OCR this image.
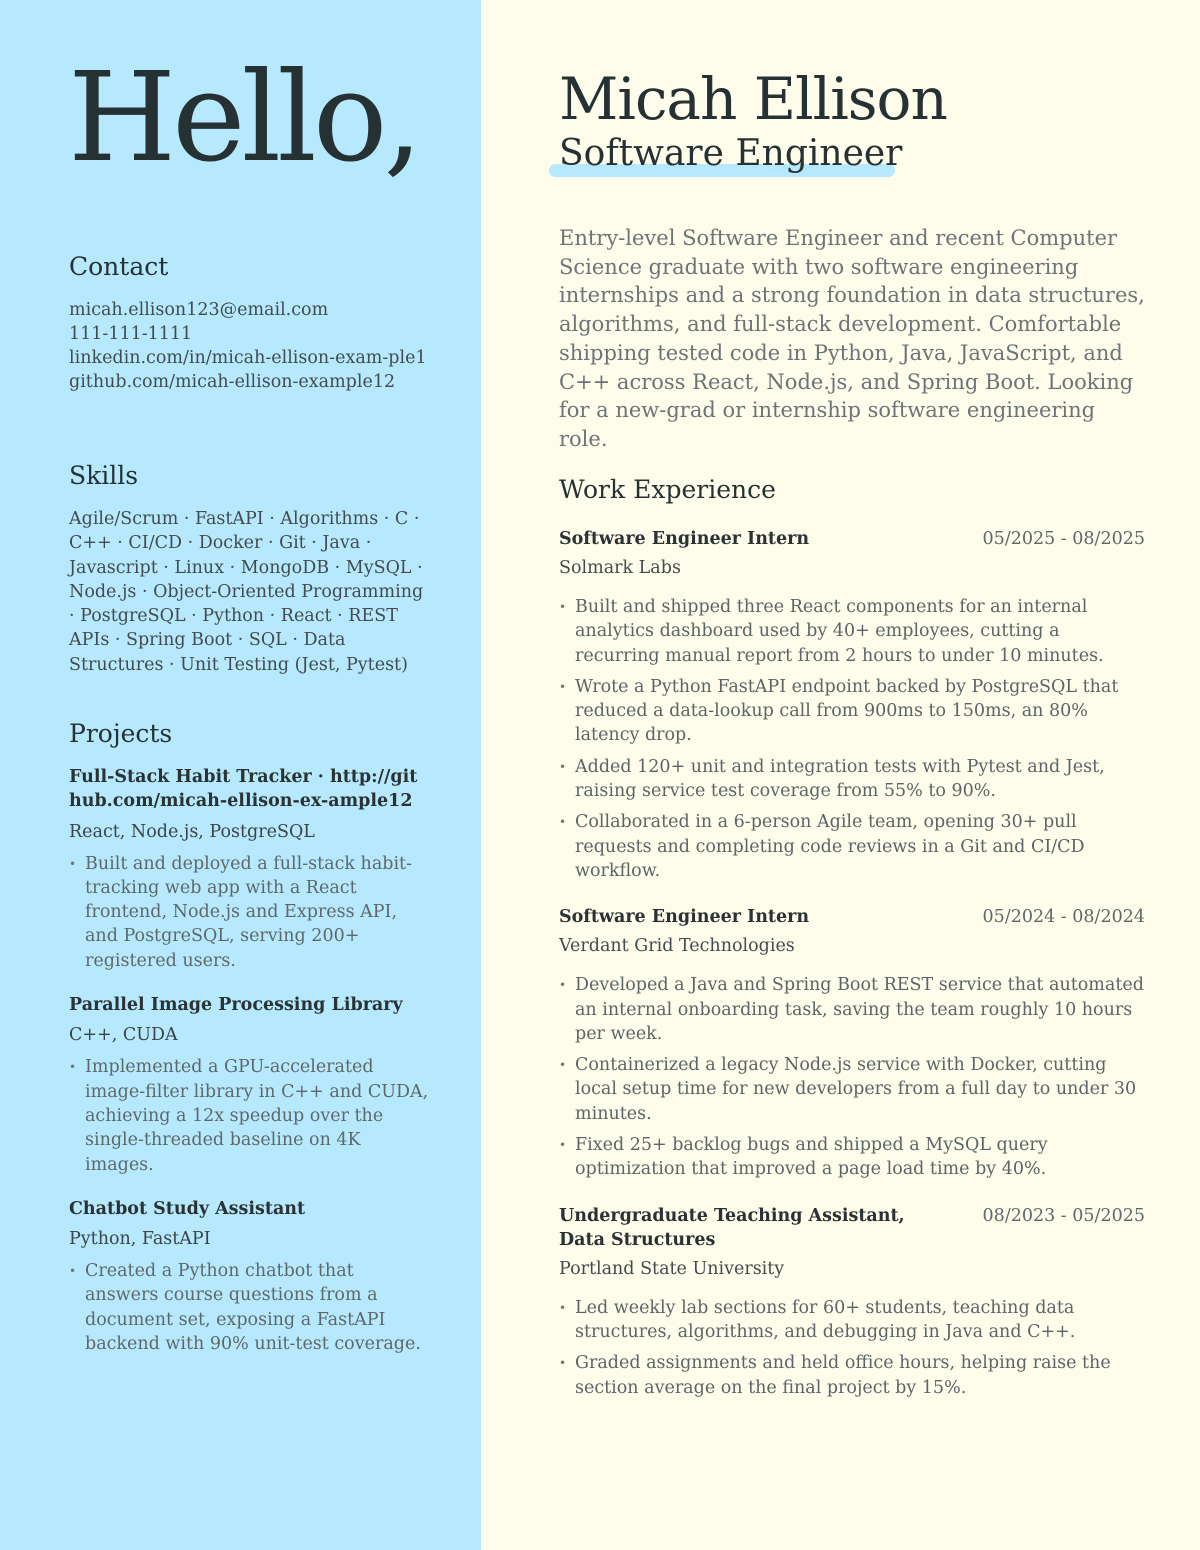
Hello,
Contact
micah.ellison123@email.com
111-111-1111
linkedin.com/in/micah-ellison-exam-ple1
github.com/micah-ellison-example12
Skills
Agile/Scrum · FastAPI · Algorithms · C · C++ · CI/CD · Docker · Git · Java · Javascript · Linux · MongoDB · MySQL · Node.js · Object-Oriented Programming · PostgreSQL · Python · React · REST APIs · Spring Boot · SQL · Data Structures · Unit Testing (Jest, Pytest)
Projects
Full-Stack Habit Tracker · http://github.com/micah-ellison-ex-ample12
React, Node.js, PostgreSQL
• Built and deployed a full-stack habit-tracking web app with a React frontend, Node.js and Express API, and PostgreSQL, serving 200+ registered users.
Parallel Image Processing Library
C++, CUDA
• Implemented a GPU-accelerated image-filter library in C++ and CUDA, achieving a 12x speedup over the single-threaded baseline on 4K images.
Chatbot Study Assistant
Python, FastAPI
• Created a Python chatbot that answers course questions from a document set, exposing a FastAPI backend with 90% unit-test coverage.
Micah Ellison
Software Engineer

Entry-level Software Engineer and recent Computer Science graduate with two software engineering internships and a strong foundation in data structures, algorithms, and full-stack development. Comfortable shipping tested code in Python, Java, JavaScript, and C++ across React, Node.js, and Spring Boot. Looking for a new-grad or internship software engineering role.

Work Experience
Software Engineer Intern	05/2025 - 08/2025
Solmark Labs
• Built and shipped three React components for an internal analytics dashboard used by 40+ employees, cutting a recurring manual report from 2 hours to under 10 minutes.
• Wrote a Python FastAPI endpoint backed by PostgreSQL that reduced a data-lookup call from 900ms to 150ms, an 80% latency drop.
• Added 120+ unit and integration tests with Pytest and Jest, raising service test coverage from 55% to 90%.
• Collaborated in a 6-person Agile team, opening 30+ pull requests and completing code reviews in a Git and CI/CD workflow.
Software Engineer Intern	05/2024 - 08/2024
Verdant Grid Technologies
• Developed a Java and Spring Boot REST service that automated an internal onboarding task, saving the team roughly 10 hours per week.
• Containerized a legacy Node.js service with Docker, cutting local setup time for new developers from a full day to under 30 minutes.
• Fixed 25+ backlog bugs and shipped a MySQL query optimization that improved a page load time by 40%.
Undergraduate Teaching Assistant, Data Structures
08/2023 - 05/2025
Portland State University
• Led weekly lab sections for 60+ students, teaching data structures, algorithms, and debugging in Java and C++.
• Graded assignments and held office hours, helping raise the section average on the final project by 15%.
